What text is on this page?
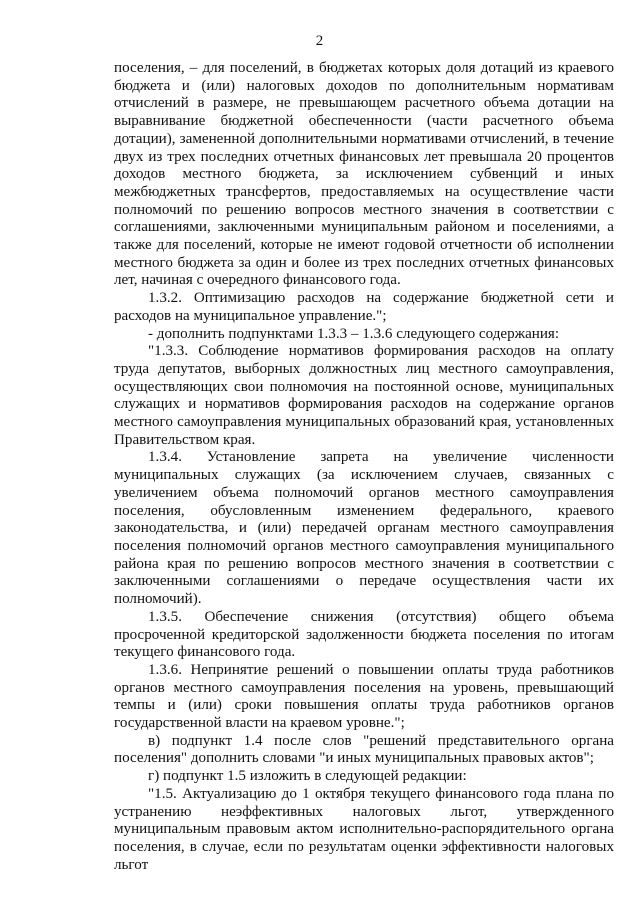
2

поселения, – для поселений, в бюджетах которых доля дотаций из краевого бюджета и (или) налоговых доходов по дополнительным нормативам отчислений в размере, не превышающем расчетного объема дотации на выравнивание бюджетной обеспеченности (части расчетного объема дотации), замененной дополнительными нормативами отчислений, в течение двух из трех последних отчетных финансовых лет превышала 20 процентов доходов местного бюджета, за исключением субвенций и иных межбюджетных трансфертов, предоставляемых на осуществление части полномочий по решению вопросов местного значения в соответствии с соглашениями, заключенными муниципальным районом и поселениями, а также для поселений, которые не имеют годовой отчетности об исполнении местного бюджета за один и более из трех последних отчетных финансовых лет, начиная с очередного финансового года.

1.3.2. Оптимизацию расходов на содержание бюджетной сети и расходов на муниципальное управление.";

- дополнить подпунктами 1.3.3 – 1.3.6 следующего содержания:

"1.3.3. Соблюдение нормативов формирования расходов на оплату труда депутатов, выборных должностных лиц местного самоуправления, осуществляющих свои полномочия на постоянной основе, муниципальных служащих и нормативов формирования расходов на содержание органов местного самоуправления муниципальных образований края, установленных Правительством края.

1.3.4. Установление запрета на увеличение численности муниципальных служащих (за исключением случаев, связанных с увеличением объема полномочий органов местного самоуправления поселения, обусловленным изменением федерального, краевого законодательства, и (или) передачей органам местного самоуправления поселения полномочий органов местного самоуправления муниципального района края по решению вопросов местного значения в соответствии с заключенными соглашениями о передаче осуществления части их полномочий).

1.3.5. Обеспечение снижения (отсутствия) общего объема просроченной кредиторской задолженности бюджета поселения по итогам текущего финансового года.

1.3.6. Непринятие решений о повышении оплаты труда работников органов местного самоуправления поселения на уровень, превышающий темпы и (или) сроки повышения оплаты труда работников органов государственной власти на краевом уровне.";

в) подпункт 1.4 после слов "решений представительного органа поселения" дополнить словами "и иных муниципальных правовых актов";

г) подпункт 1.5 изложить в следующей редакции:

"1.5. Актуализацию до 1 октября текущего финансового года плана по устранению неэффективных налоговых льгот, утвержденного муниципальным правовым актом исполнительно-распорядительного органа поселения, в случае, если по результатам оценки эффективности налоговых льгот
